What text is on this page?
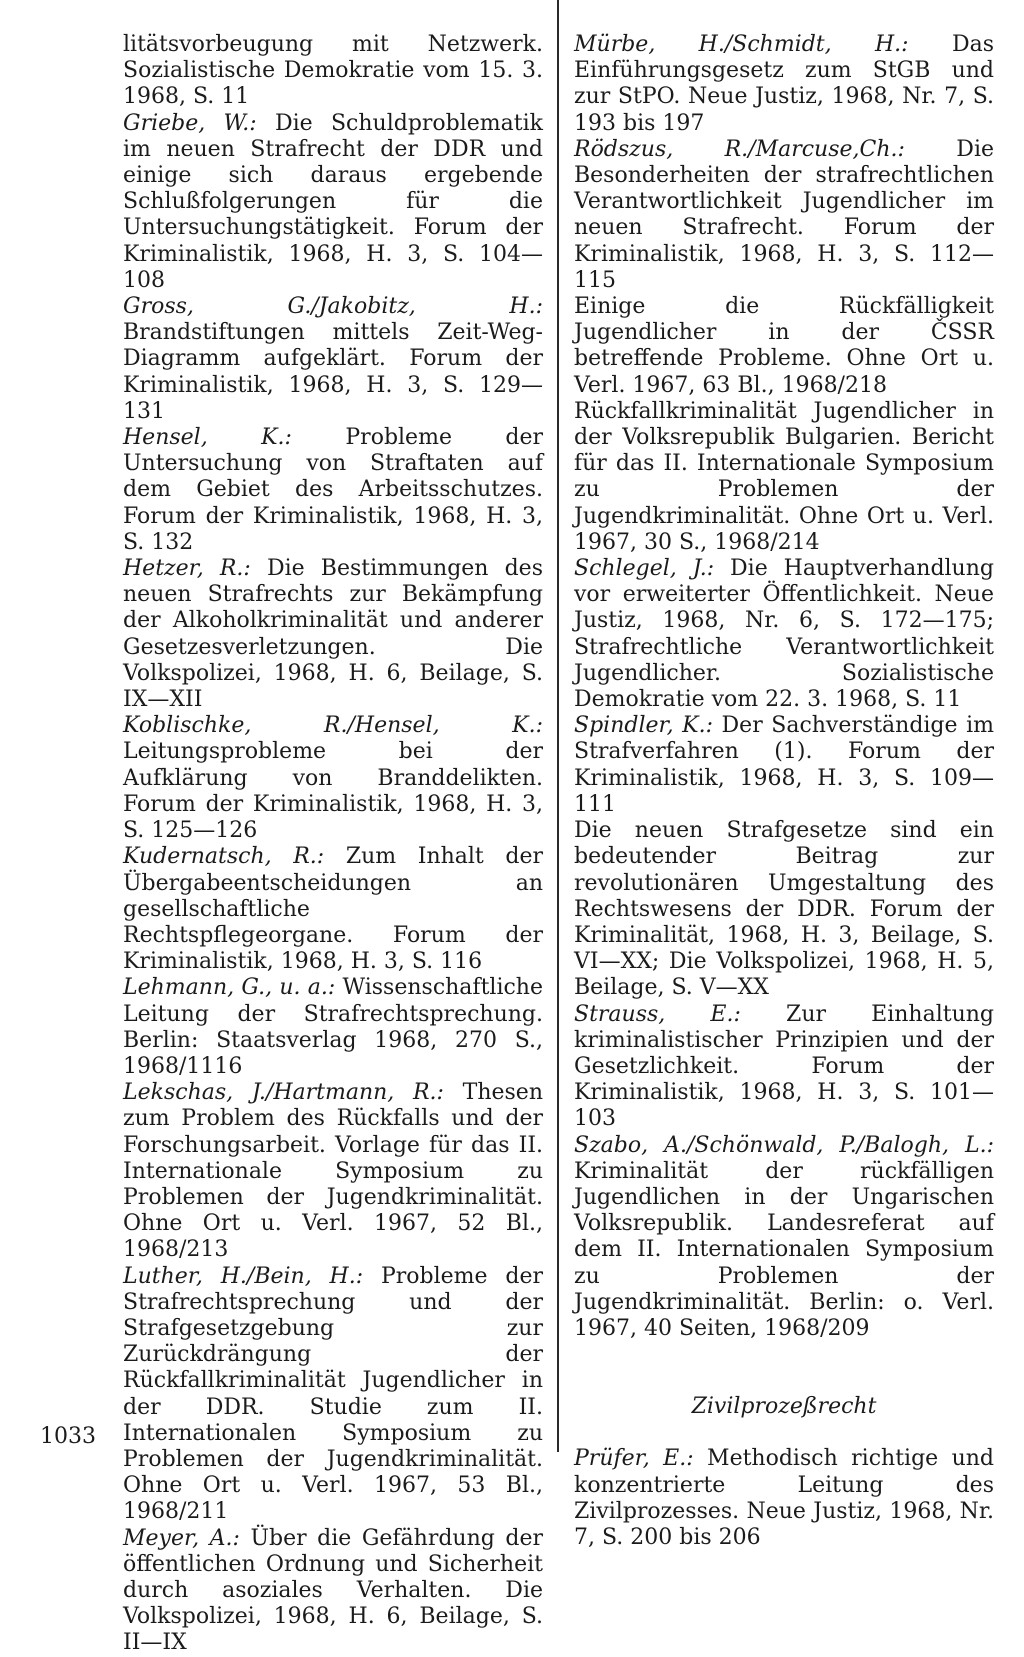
litätsvorbeugung mit Netzwerk. Sozialistische Demokratie vom 15. 3. 1968, S. 11
Griebe, W.: Die Schuldproblematik im neuen Strafrecht der DDR und einige sich daraus ergebende Schlußfolgerungen für die Untersuchungstätigkeit. Forum der Kriminalistik, 1968, H. 3, S. 104—108
Gross, G./Jakobitz, H.: Brandstiftungen mittels Zeit-Weg-Diagramm aufgeklärt. Forum der Kriminalistik, 1968, H. 3, S. 129—131
Hensel, K.: Probleme der Untersuchung von Straftaten auf dem Gebiet des Arbeitsschutzes. Forum der Kriminalistik, 1968, H. 3, S. 132
Hetzer, R.: Die Bestimmungen des neuen Strafrechts zur Bekämpfung der Alkoholkriminalität und anderer Gesetzesverletzungen. Die Volkspolizei, 1968, H. 6, Beilage, S. IX—XII
Koblischke, R./Hensel, K.: Leitungsprobleme bei der Aufklärung von Branddelikten. Forum der Kriminalistik, 1968, H. 3, S. 125—126
Kudernatsch, R.: Zum Inhalt der Übergabeentscheidungen an gesellschaftliche Rechtspflegeorgane. Forum der Kriminalistik, 1968, H. 3, S. 116
Lehmann, G., u. a.: Wissenschaftliche Leitung der Strafrechtsprechung. Berlin: Staatsverlag 1968, 270 S., 1968/1116
Lekschas, J./Hartmann, R.: Thesen zum Problem des Rückfalls und der Forschungsarbeit. Vorlage für das II. Internationale Symposium zu Problemen der Jugendkriminalität. Ohne Ort u. Verl. 1967, 52 Bl., 1968/213
Luther, H./Bein, H.: Probleme der Strafrechtsprechung und der Strafgesetzgebung zur Zurückdrängung der Rückfallkriminalität Jugendlicher in der DDR. Studie zum II. Internationalen Symposium zu Problemen der Jugendkriminalität. Ohne Ort u. Verl. 1967, 53 Bl., 1968/211
Meyer, A.: Über die Gefährdung der öffentlichen Ordnung und Sicherheit durch asoziales Verhalten. Die Volkspolizei, 1968, H. 6, Beilage, S. II—IX
Mürbe, H./Schmidt, H.: Das Einführungsgesetz zum StGB und zur StPO. Neue Justiz, 1968, Nr. 7, S. 193 bis 197
Rödszus, R./Marcuse,Ch.: Die Besonderheiten der strafrechtlichen Verantwortlichkeit Jugendlicher im neuen Strafrecht. Forum der Kriminalistik, 1968, H. 3, S. 112—115
Einige die Rückfälligkeit Jugendlicher in der ČSSR betreffende Probleme. Ohne Ort u. Verl. 1967, 63 Bl., 1968/218
Rückfallkriminalität Jugendlicher in der Volksrepublik Bulgarien. Bericht für das II. Internationale Symposium zu Problemen der Jugendkriminalität. Ohne Ort u. Verl. 1967, 30 S., 1968/214
Schlegel, J.: Die Hauptverhandlung vor erweiterter Öffentlichkeit. Neue Justiz, 1968, Nr. 6, S. 172—175; Strafrechtliche Verantwortlichkeit Jugendlicher. Sozialistische Demokratie vom 22. 3. 1968, S. 11
Spindler, K.: Der Sachverständige im Strafverfahren (1). Forum der Kriminalistik, 1968, H. 3, S. 109—111
Die neuen Strafgesetze sind ein bedeutender Beitrag zur revolutionären Umgestaltung des Rechtswesens der DDR. Forum der Kriminalität, 1968, H. 3, Beilage, S. VI—XX; Die Volkspolizei, 1968, H. 5, Beilage, S. V—XX
Strauss, E.: Zur Einhaltung kriminalistischer Prinzipien und der Gesetzlichkeit. Forum der Kriminalistik, 1968, H. 3, S. 101—103
Szabo, A./Schönwald, P./Balogh, L.: Kriminalität der rückfälligen Jugendlichen in der Ungarischen Volksrepublik. Landesreferat auf dem II. Internationalen Symposium zu Problemen der Jugendkriminalität. Berlin: o. Verl. 1967, 40 Seiten, 1968/209
Zivilprozeßrecht
Prüfer, E.: Methodisch richtige und konzentrierte Leitung des Zivilprozesses. Neue Justiz, 1968, Nr. 7, S. 200 bis 206
1033
